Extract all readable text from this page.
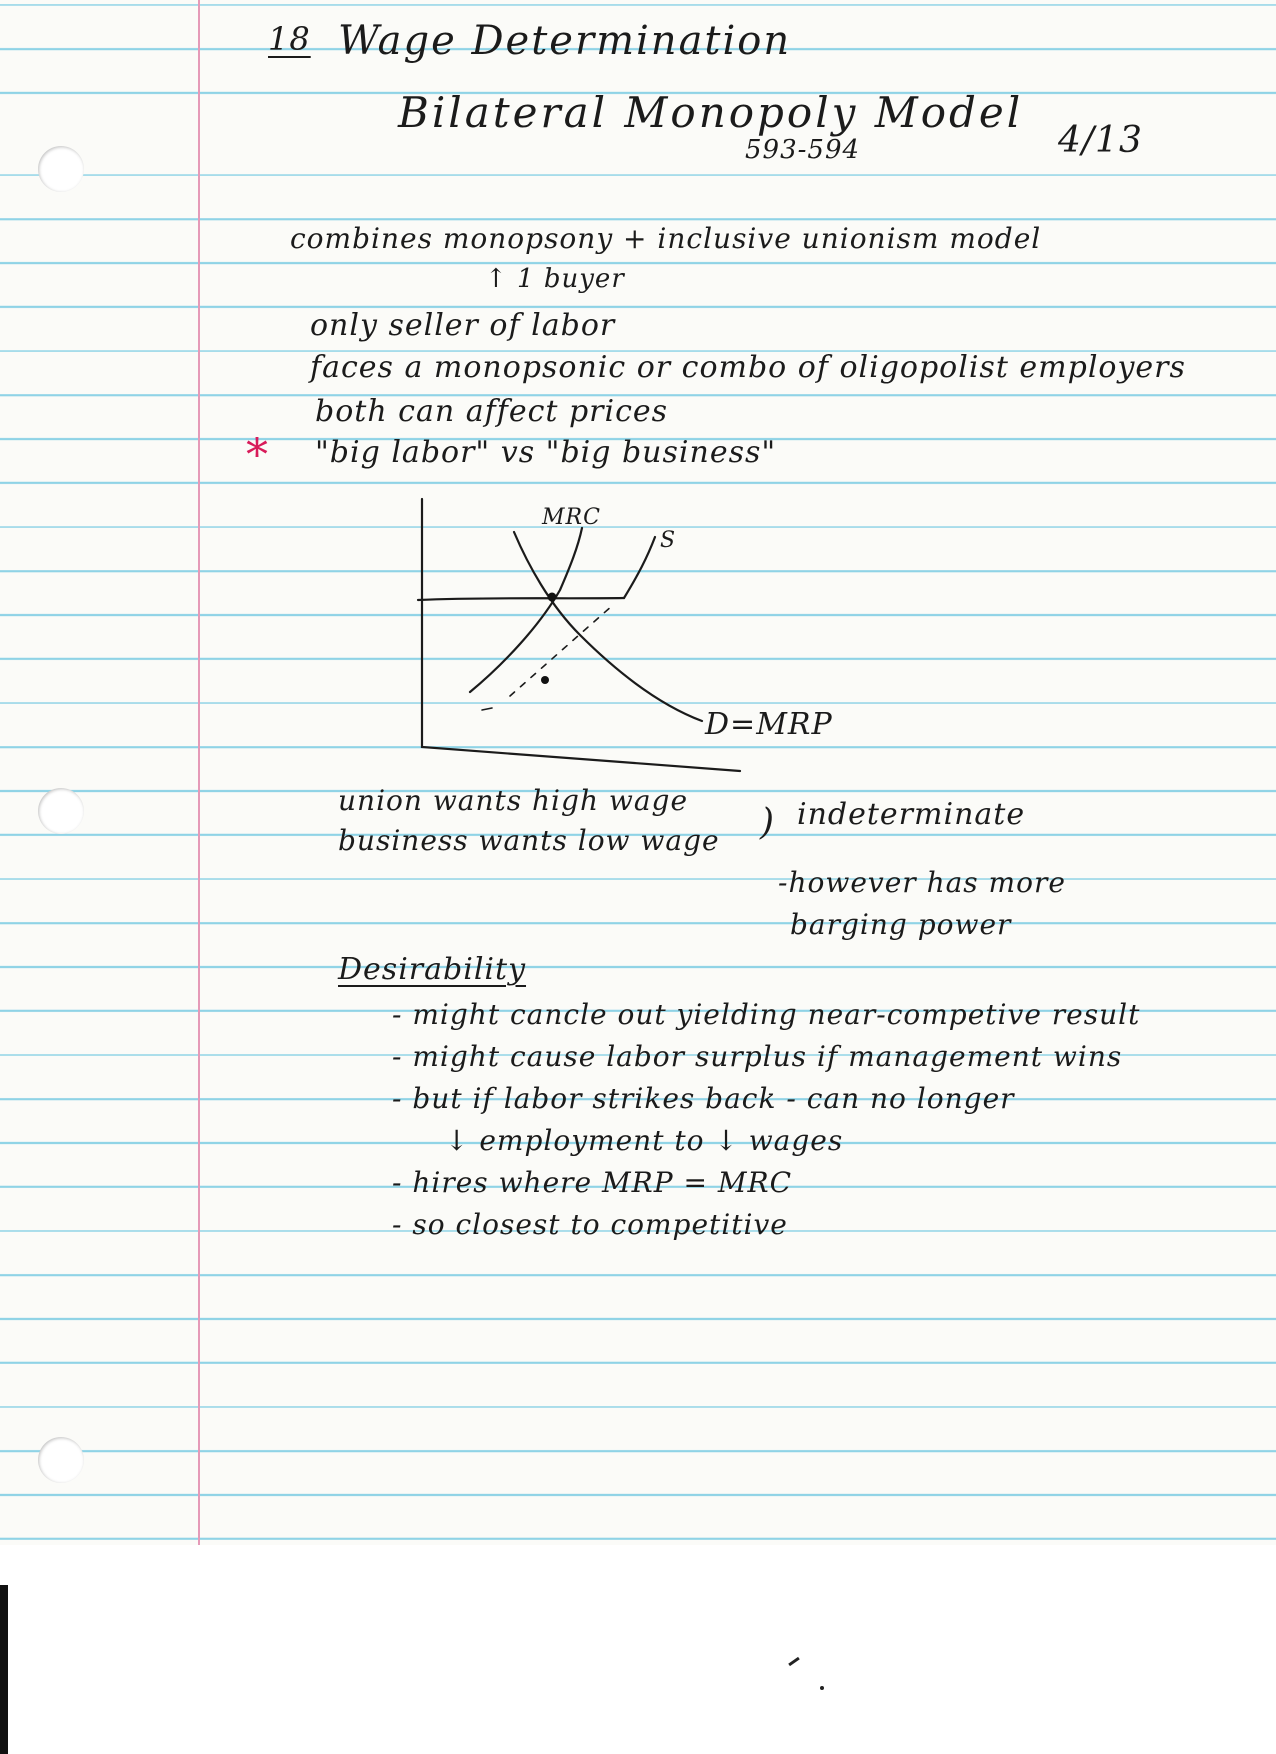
18 Wage Determination
Bilateral Monopoly Model
593-594	4/13
combines monopsony + inclusive unionism model
↑ 1 buyer
only seller of labor
faces a monopsonic or combo of oligopolist employers
both can affect prices
* "big labor" vs "big business"
MRC
S
D=MRP
union wants high wage
business wants low wage ) indeterminate
-however has more
barging power
Desirability
- might cancle out yielding near-competive result
- might cause labor surplus if management wins
- but if labor strikes back - can no longer
↓ employment to ↓ wages
- hires where MRP = MRC
- so closest to competitive
